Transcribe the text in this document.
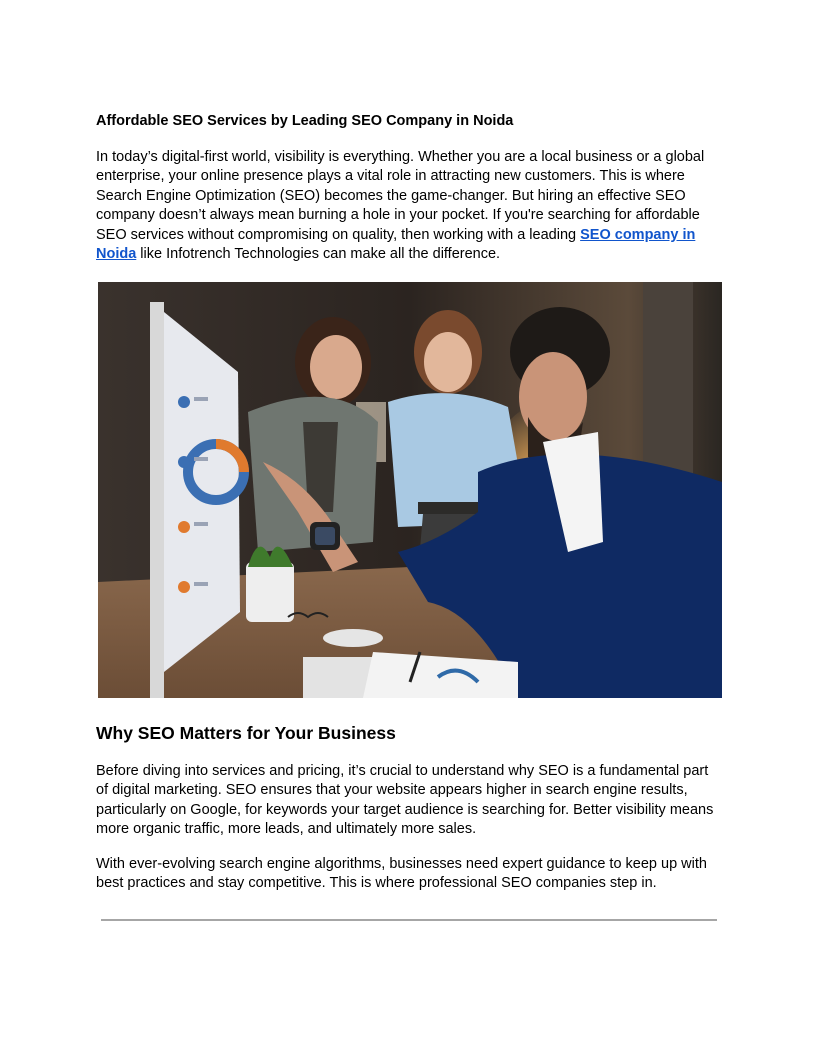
Affordable SEO Services by Leading SEO Company in Noida

In today’s digital-first world, visibility is everything. Whether you are a local business or a global enterprise, your online presence plays a vital role in attracting new customers. This is where Search Engine Optimization (SEO) becomes the game-changer. But hiring an effective SEO company doesn’t always mean burning a hole in your pocket. If you're searching for affordable SEO services without compromising on quality, then working with a leading SEO company in Noida like Infotrench Technologies can make all the difference.

Why SEO Matters for Your Business

Before diving into services and pricing, it’s crucial to understand why SEO is a fundamental part of digital marketing. SEO ensures that your website appears higher in search engine results, particularly on Google, for keywords your target audience is searching for. Better visibility means more organic traffic, more leads, and ultimately more sales.

With ever-evolving search engine algorithms, businesses need expert guidance to keep up with best practices and stay competitive. This is where professional SEO companies step in.
